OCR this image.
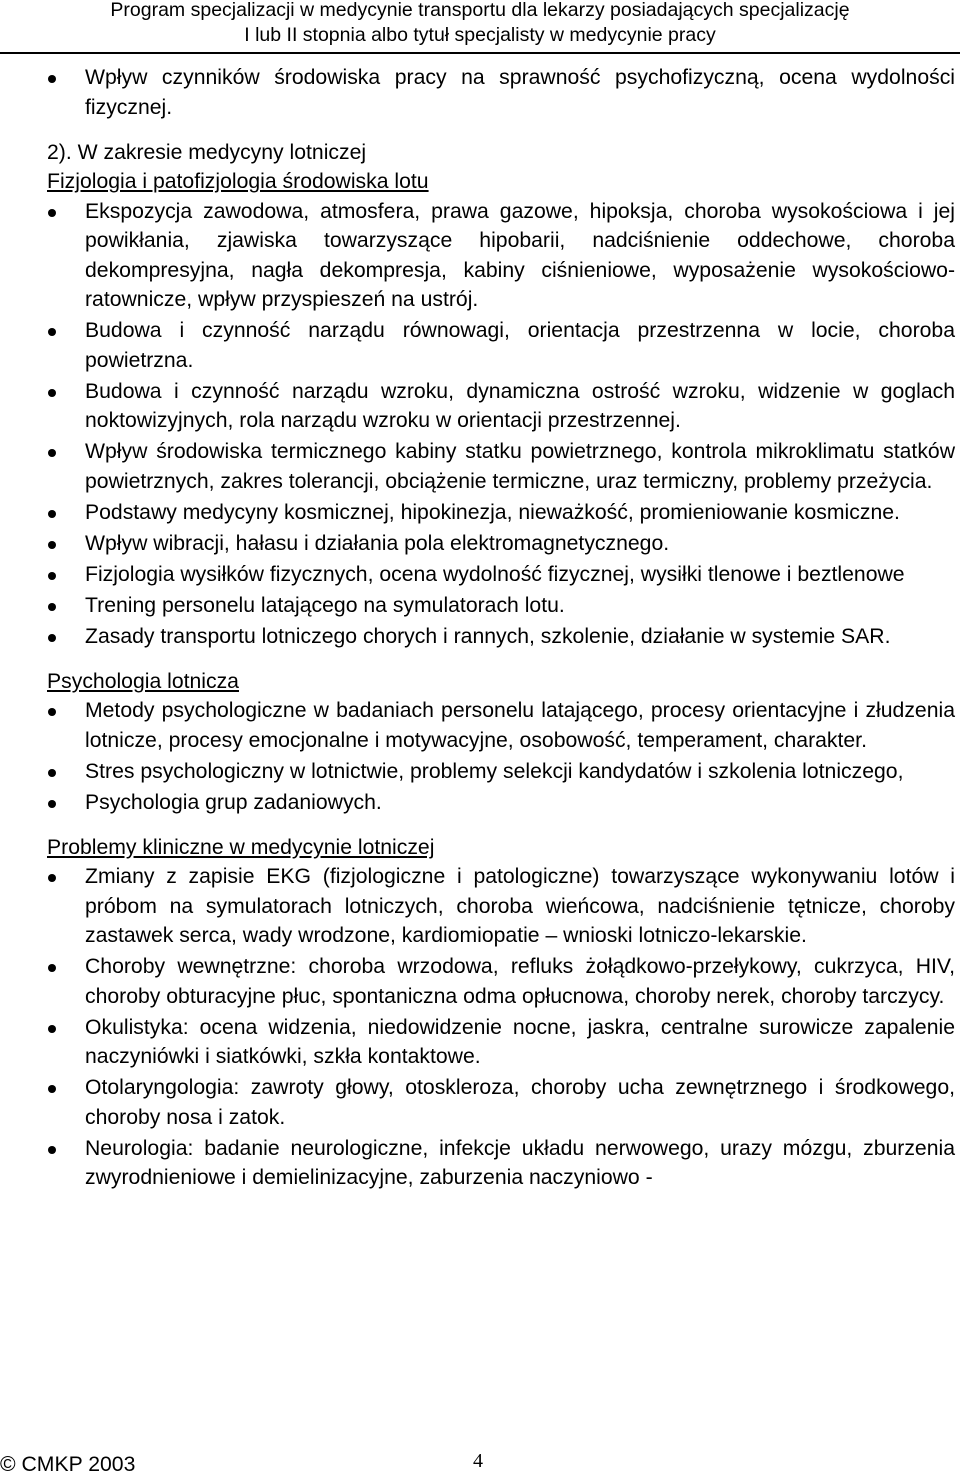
Program specjalizacji w medycynie transportu dla lekarzy posiadających specjalizację
I lub II stopnia albo tytuł specjalisty w medycynie pracy
Wpływ czynników środowiska pracy na sprawność psychofizyczną, ocena wydolności fizycznej.
2). W zakresie medycyny lotniczej
Fizjologia i patofizjologia środowiska lotu
Ekspozycja zawodowa, atmosfera, prawa gazowe, hipoksja, choroba wysokościowa i jej powikłania, zjawiska towarzyszące hipobarii, nadciśnienie oddechowe, choroba dekompresyjna, nagła dekompresja, kabiny ciśnieniowe, wyposażenie wysokościowo-ratownicze, wpływ przyspieszeń na ustrój.
Budowa i czynność narządu równowagi, orientacja przestrzenna w locie, choroba powietrzna.
Budowa i czynność narządu wzroku, dynamiczna ostrość wzroku, widzenie w goglach noktowizyjnych, rola narządu wzroku w orientacji przestrzennej.
Wpływ środowiska termicznego kabiny statku powietrznego, kontrola mikroklimatu statków powietrznych, zakres tolerancji, obciążenie termiczne, uraz termiczny, problemy przeżycia.
Podstawy medycyny kosmicznej, hipokinezja, nieważkość, promieniowanie kosmiczne.
Wpływ wibracji, hałasu i działania pola elektromagnetycznego.
Fizjologia wysiłków fizycznych, ocena wydolność fizycznej, wysiłki tlenowe i beztlenowe
Trening personelu latającego na symulatorach lotu.
Zasady transportu lotniczego chorych i rannych, szkolenie, działanie w systemie SAR.
Psychologia lotnicza
Metody psychologiczne w badaniach personelu latającego, procesy orientacyjne i złudzenia lotnicze, procesy emocjonalne i motywacyjne, osobowość, temperament, charakter.
Stres psychologiczny w lotnictwie, problemy selekcji kandydatów i szkolenia lotniczego,
Psychologia grup zadaniowych.
Problemy kliniczne w medycynie lotniczej
Zmiany z zapisie EKG (fizjologiczne i patologiczne) towarzyszące wykonywaniu lotów i próbom na symulatorach lotniczych, choroba wieńcowa, nadciśnienie tętnicze, choroby zastawek serca, wady wrodzone, kardiomiopatie – wnioski lotniczo-lekarskie.
Choroby wewnętrzne: choroba wrzodowa, refluks żołądkowo-przełykowy, cukrzyca, HIV, choroby obturacyjne płuc, spontaniczna odma opłucnowa, choroby nerek, choroby tarczycy.
Okulistyka: ocena widzenia, niedowidzenie nocne, jaskra, centralne surowicze zapalenie naczyniówki i siatkówki, szkła kontaktowe.
Otolaryngologia: zawroty głowy, otoskleroza, choroby ucha zewnętrznego i środkowego, choroby nosa i zatok.
Neurologia: badanie neurologiczne, infekcje układu nerwowego, urazy mózgu, zburzenia zwyrodnieniowe i demielinizacyjne, zaburzenia naczyniowo -
© CMKP 2003	4
